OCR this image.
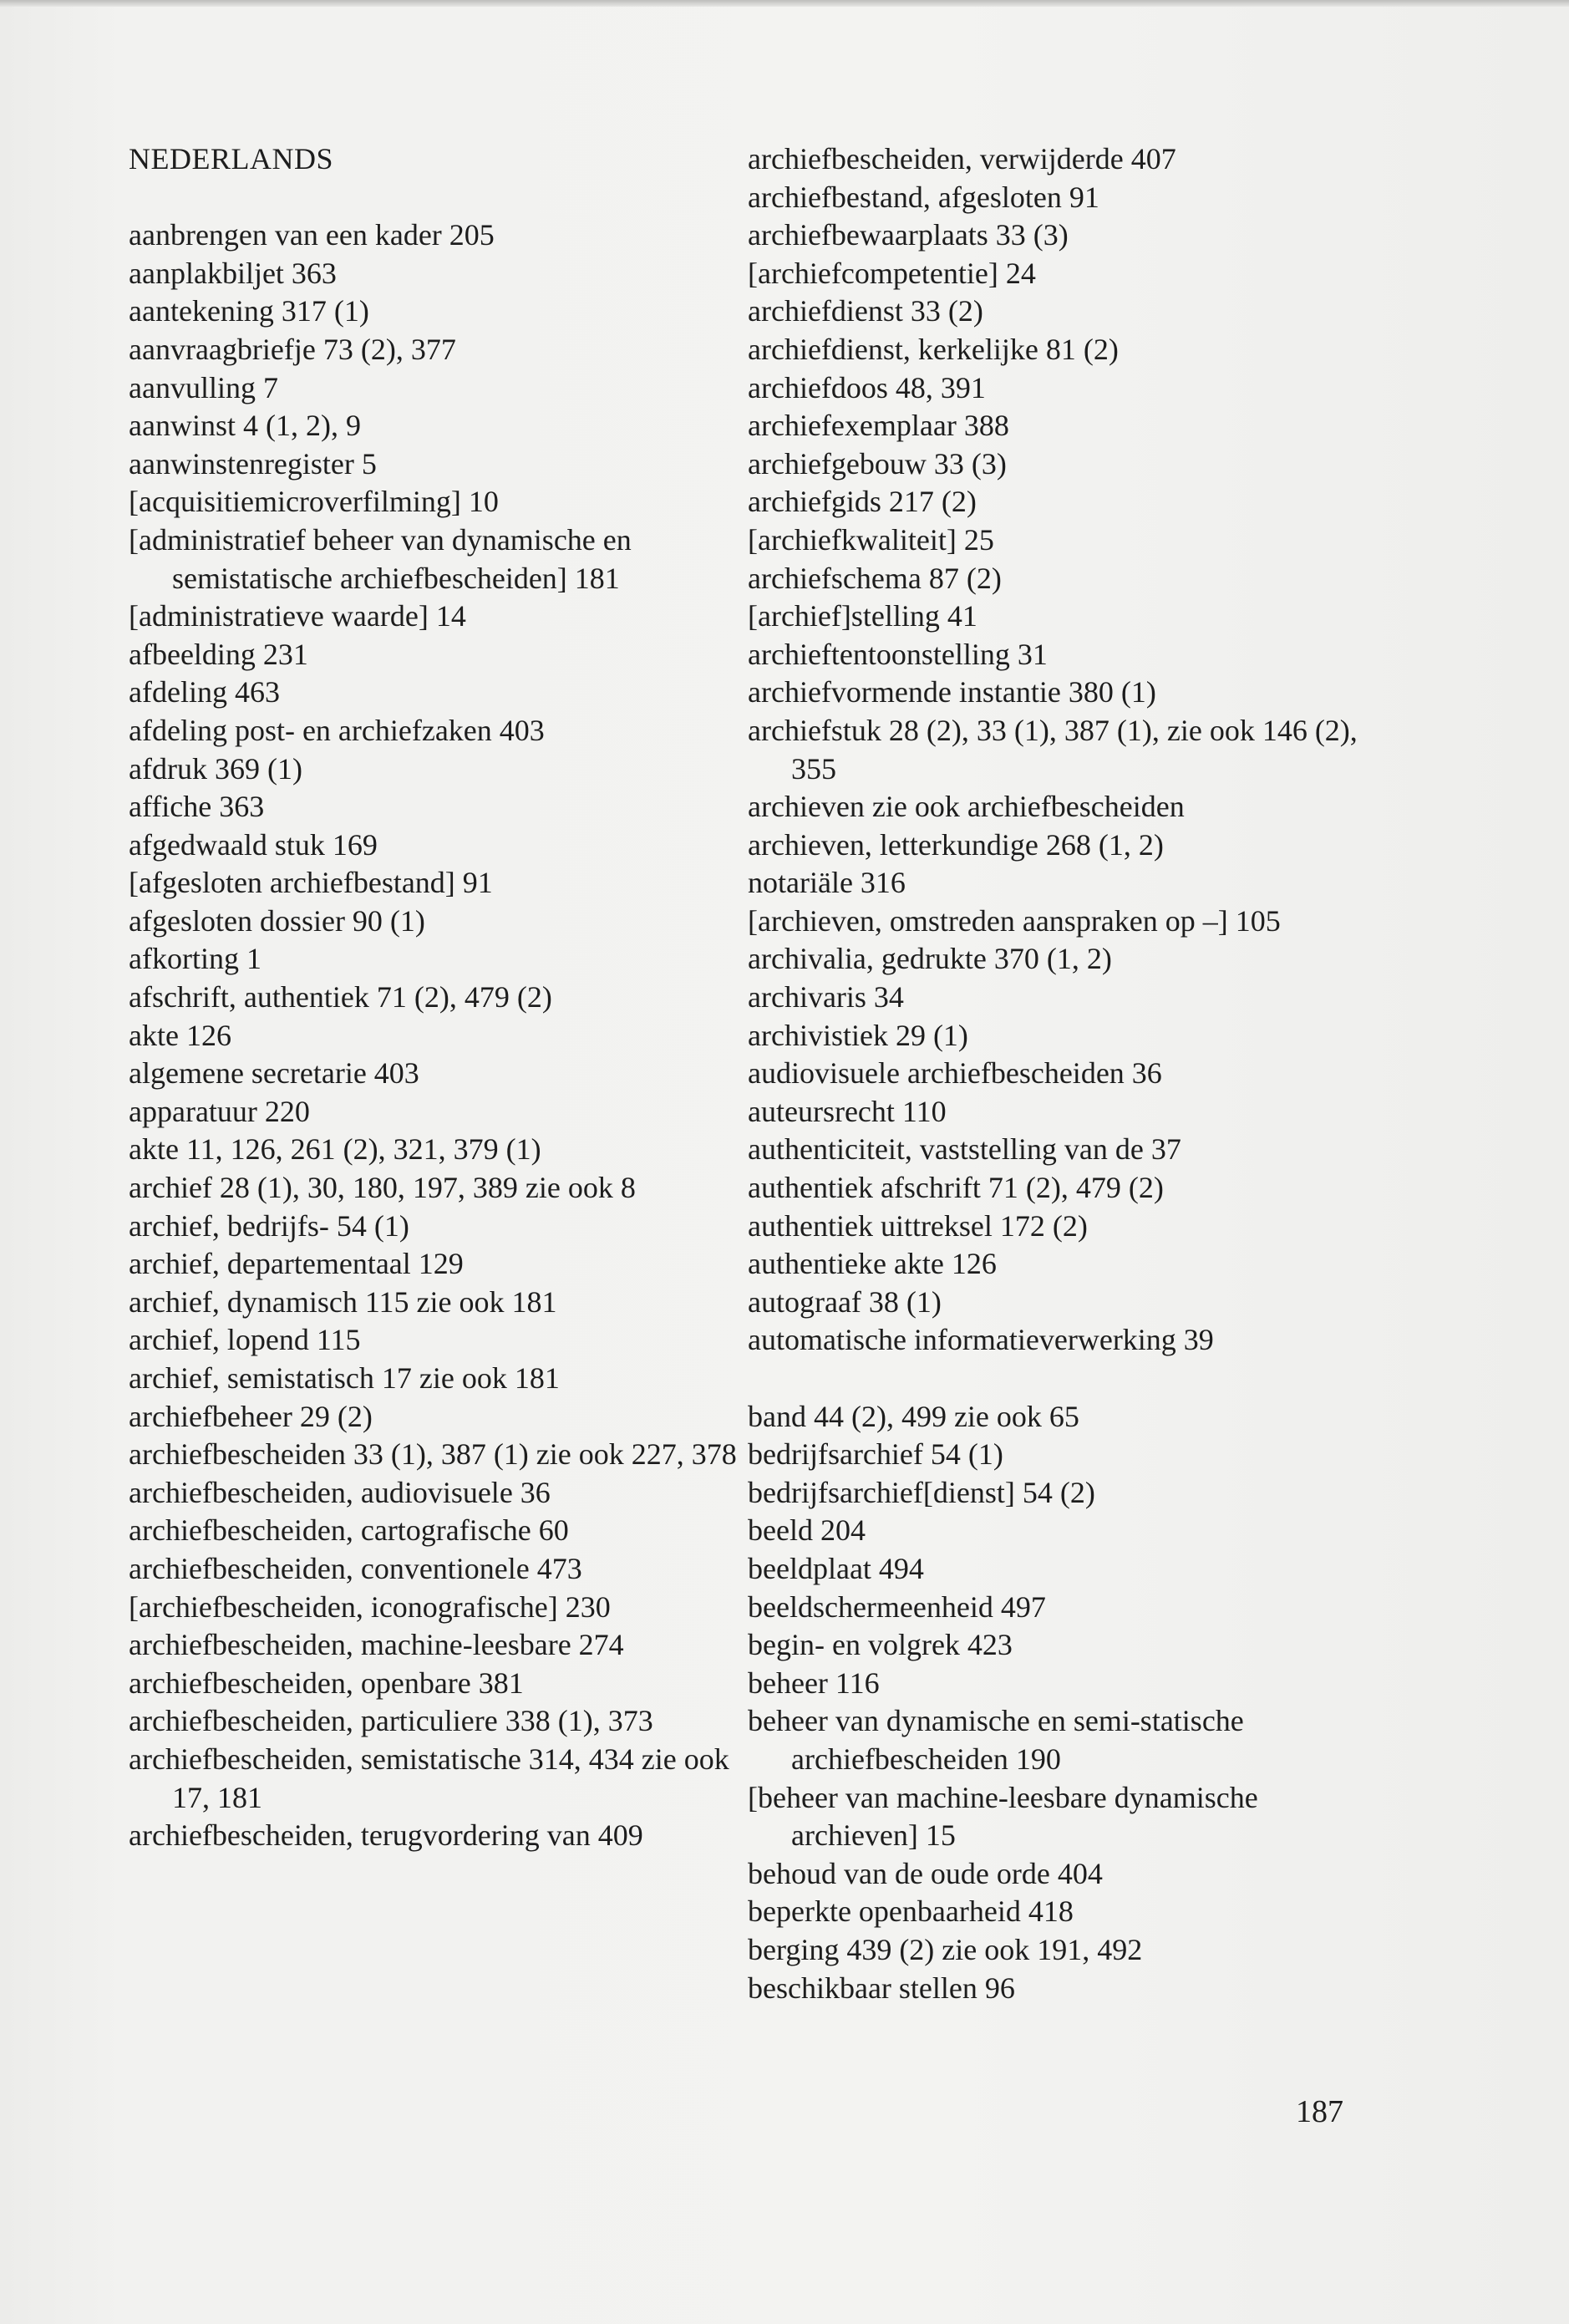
NEDERLANDS
aanbrengen van een kader 205
aanplakbiljet 363
aantekening 317 (1)
aanvraagbriefje 73 (2), 377
aanvulling 7
aanwinst 4 (1, 2), 9
aanwinstenregister 5
[acquisitiemicroverfilming] 10
[administratief beheer van dynamische en semistatische archiefbescheiden] 181
[administratieve waarde] 14
afbeelding 231
afdeling 463
afdeling post- en archiefzaken 403
afdruk 369 (1)
affiche 363
afgedwaald stuk 169
[afgesloten archiefbestand] 91
afgesloten dossier 90 (1)
afkorting 1
afschrift, authentiek 71 (2), 479 (2)
akte 126
algemene secretarie 403
apparatuur 220
akte 11, 126, 261 (2), 321, 379 (1)
archief 28 (1), 30, 180, 197, 389 zie ook 8
archief, bedrijfs- 54 (1)
archief, departementaal 129
archief, dynamisch 115 zie ook 181
archief, lopend 115
archief, semistatisch 17 zie ook 181
archiefbeheer 29 (2)
archiefbescheiden 33 (1), 387 (1) zie ook 227, 378
archiefbescheiden, audiovisuele 36
archiefbescheiden, cartografische 60
archiefbescheiden, conventionele 473
[archiefbescheiden, iconografische] 230
archiefbescheiden, machine-leesbare 274
archiefbescheiden, openbare 381
archiefbescheiden, particuliere 338 (1), 373
archiefbescheiden, semistatische 314, 434 zie ook 17, 181
archiefbescheiden, terugvordering van 409
archiefbescheiden, verwijderde 407
archiefbestand, afgesloten 91
archiefbewaarplaats 33 (3)
[archiefcompetentie] 24
archiefdienst 33 (2)
archiefdienst, kerkelijke 81 (2)
archiefdoos 48, 391
archiefexemplaar 388
archiefgebouw 33 (3)
archiefgids 217 (2)
[archiefkwaliteit] 25
archiefschema 87 (2)
[archief]stelling 41
archieftentoonstelling 31
archiefvormende instantie 380 (1)
archiefstuk 28 (2), 33 (1), 387 (1), zie ook 146 (2), 355
archieven zie ook archiefbescheiden
archieven, letterkundige 268 (1, 2)
notariäle 316
[archieven, omstreden aanspraken op –] 105
archivalia, gedrukte 370 (1, 2)
archivaris 34
archivistiek 29 (1)
audiovisuele archiefbescheiden 36
auteursrecht 110
authenticiteit, vaststelling van de 37
authentiek afschrift 71 (2), 479 (2)
authentiek uittreksel 172 (2)
authentieke akte 126
autograaf 38 (1)
automatische informatieverwerking 39
band 44 (2), 499 zie ook 65
bedrijfsarchief 54 (1)
bedrijfsarchief[dienst] 54 (2)
beeld 204
beeldplaat 494
beeldschermeenheid 497
begin- en volgrek 423
beheer 116
beheer van dynamische en semi-statische archiefbescheiden 190
[beheer van machine-leesbare dynamische archieven] 15
behoud van de oude orde 404
beperkte openbaarheid 418
berging 439 (2) zie ook 191, 492
beschikbaar stellen 96
187
